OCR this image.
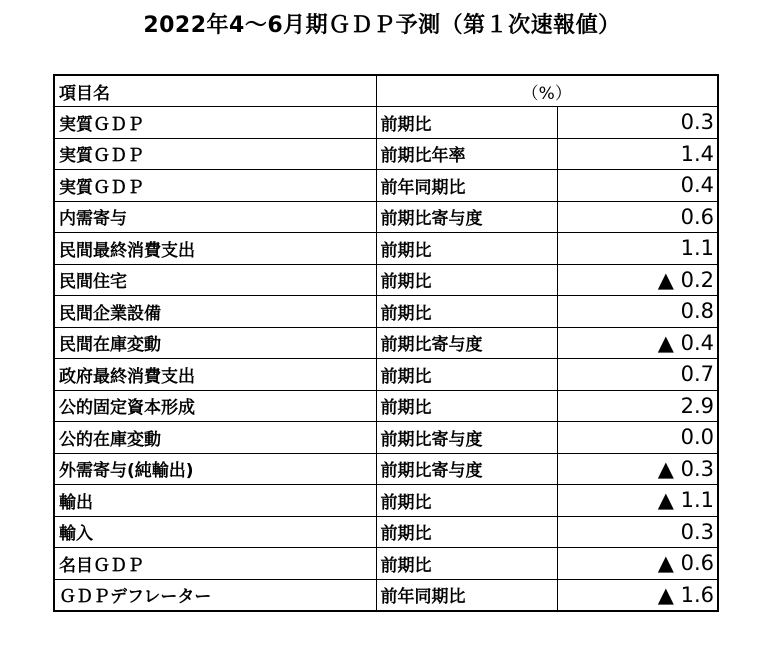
2022年4〜6月期ＧＤＰ予測（第１次速報値）
項目名	（%）	
実質ＧＤＰ	前期比	0.3
実質ＧＤＰ	前期比年率	1.4
実質ＧＤＰ	前年同期比	0.4
内需寄与	前期比寄与度	0.6
民間最終消費支出	前期比	1.1
民間住宅	前期比	▲ 0.2
民間企業設備	前期比	0.8
民間在庫変動	前期比寄与度	▲ 0.4
政府最終消費支出	前期比	0.7
公的固定資本形成	前期比	2.9
公的在庫変動	前期比寄与度	0.0
外需寄与(純輸出)	前期比寄与度	▲ 0.3
輸出	前期比	▲ 1.1
輸入	前期比	0.3
名目ＧＤＰ	前期比	▲ 0.6
ＧＤＰデフレーター	前年同期比	▲ 1.6
